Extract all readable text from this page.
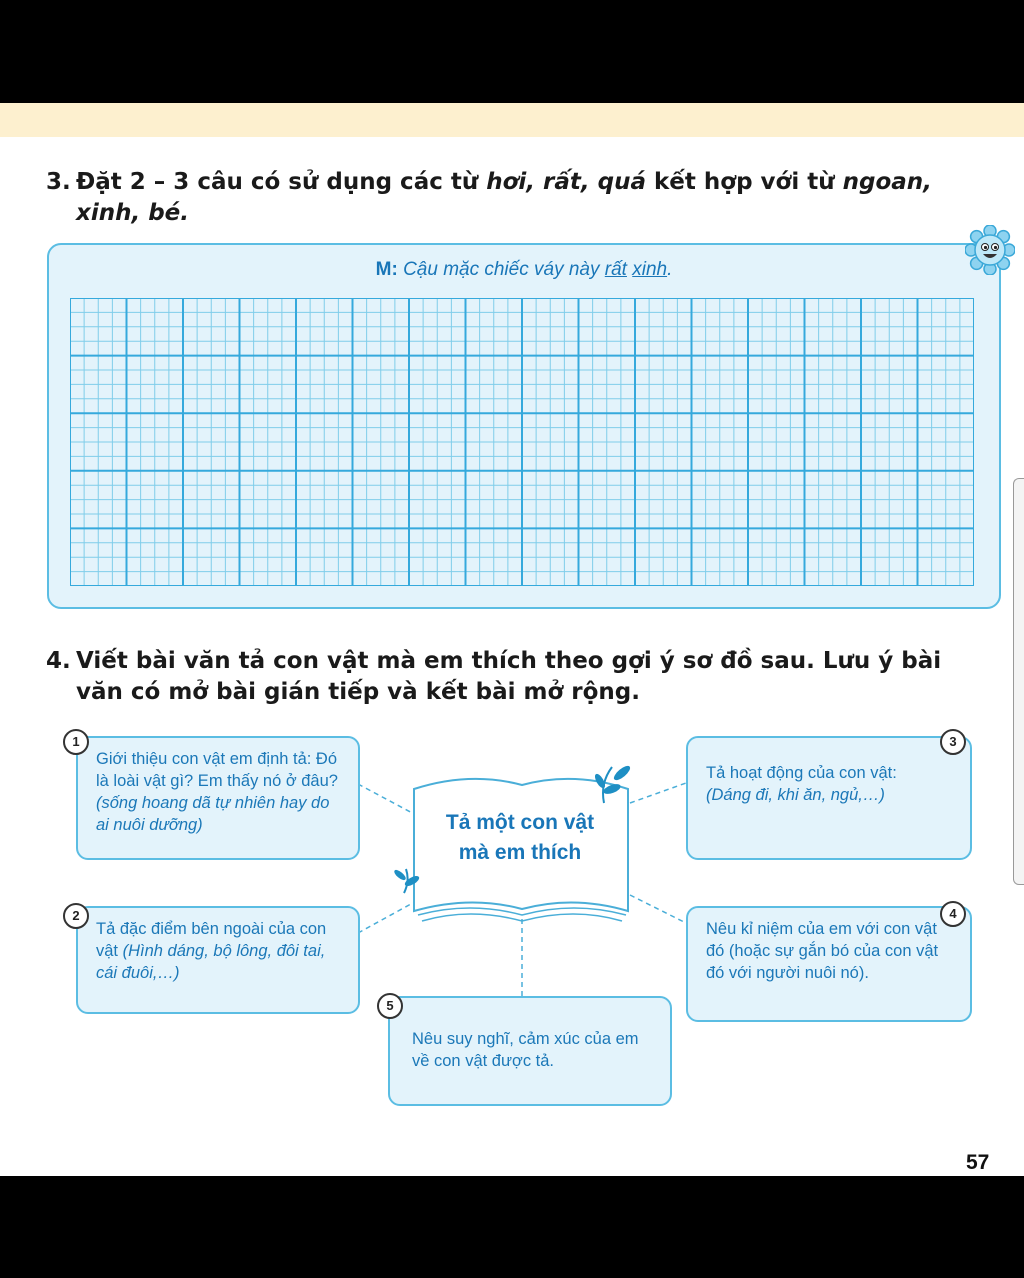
3. Đặt 2 – 3 câu có sử dụng các từ hơi, rất, quá kết hợp với từ ngoan,
xinh, bé.
M: Cậu mặc chiếc váy này rất xinh.
4. Viết bài văn tả con vật mà em thích theo gợi ý sơ đồ sau. Lưu ý bài
văn có mở bài gián tiếp và kết bài mở rộng.
Tả một con vật
mà em thích
Giới thiệu con vật em định tả: Đó là loài vật gì? Em thấy nó ở đâu? (sống hoang dã tự nhiên hay do ai nuôi dưỡng)
1
Tả đặc điểm bên ngoài của con vật (Hình dáng, bộ lông, đôi tai, cái đuôi,…)
2
Tả hoạt động của con vật:
(Dáng đi, khi ăn, ngủ,…)
3
Nêu kỉ niệm của em với con vật đó (hoặc sự gắn bó của con vật đó với người nuôi nó).
4
Nêu suy nghĩ, cảm xúc của em về con vật được tả.
5
57
